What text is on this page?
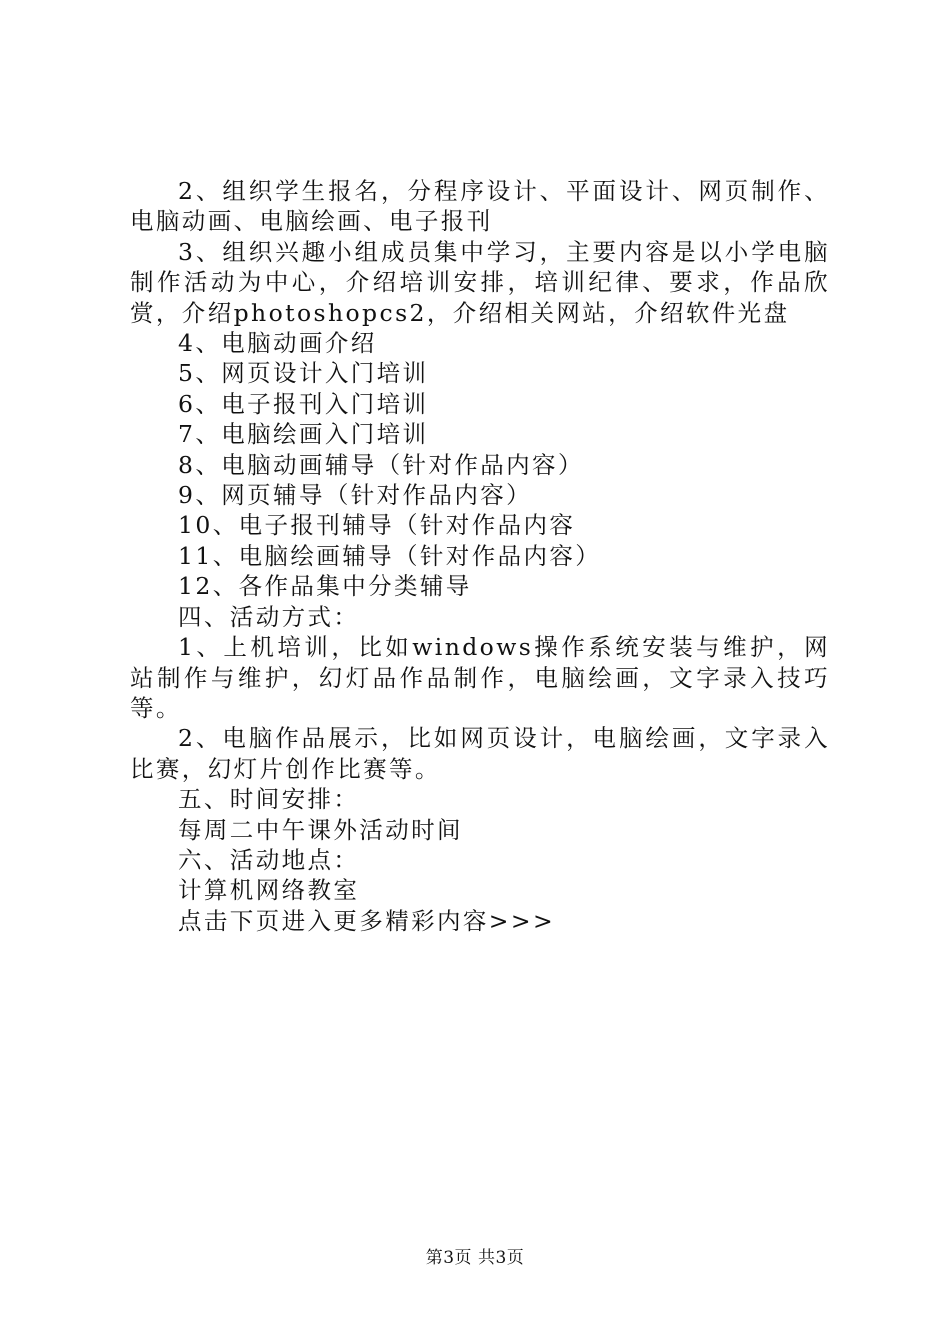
2、组织学生报名，分程序设计、平面设计、网页制作、电脑动画、电脑绘画、电子报刊

3、组织兴趣小组成员集中学习，主要内容是以小学电脑制作活动为中心，介绍培训安排，培训纪律、要求，作品欣赏，介绍photoshopcs2，介绍相关网站，介绍软件光盘

4、电脑动画介绍

5、网页设计入门培训

6、电子报刊入门培训

7、电脑绘画入门培训

8、电脑动画辅导（针对作品内容）

9、网页辅导（针对作品内容）

10、电子报刊辅导（针对作品内容

11、电脑绘画辅导（针对作品内容）

12、各作品集中分类辅导

四、活动方式：

1、上机培训，比如windows操作系统安装与维护，网站制作与维护，幻灯品作品制作，电脑绘画，文字录入技巧等。

2、电脑作品展示，比如网页设计，电脑绘画，文字录入比赛，幻灯片创作比赛等。

五、时间安排：

每周二中午课外活动时间

六、活动地点：

计算机网络教室

点击下页进入更多精彩内容>>>

第3页 共3页
